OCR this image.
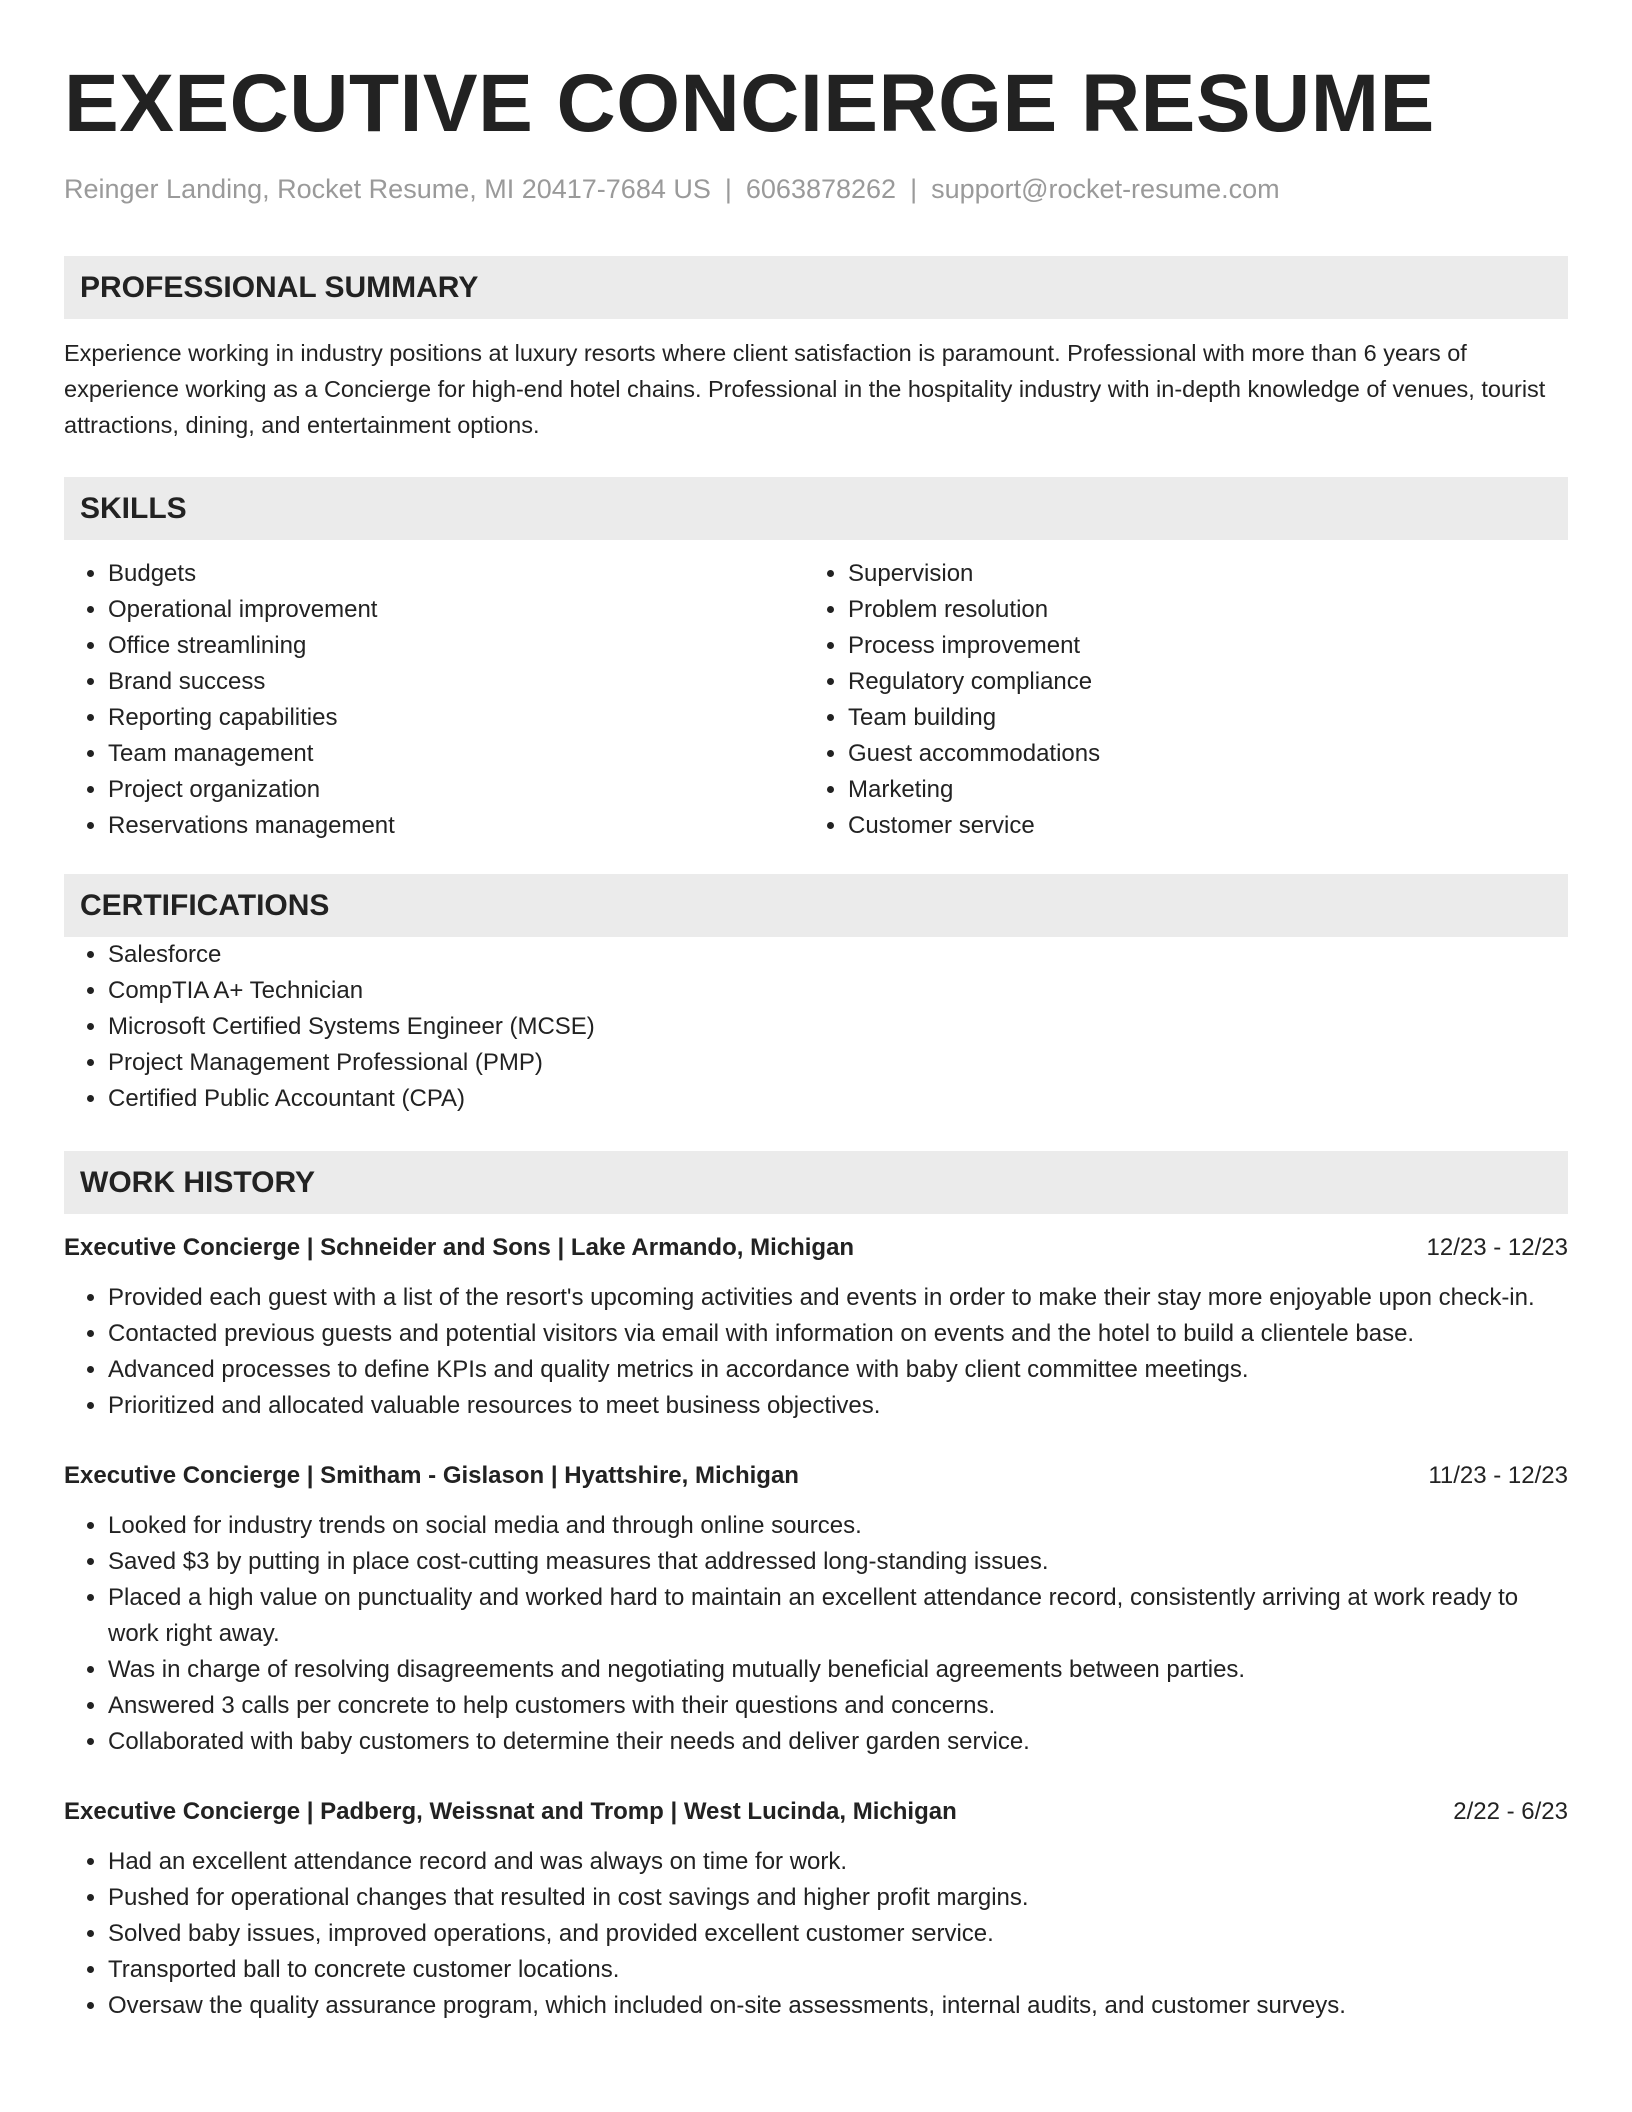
EXECUTIVE CONCIERGE RESUME
Reinger Landing, Rocket Resume, MI 20417-7684 US | 6063878262 | support@rocket-resume.com
PROFESSIONAL SUMMARY

Experience working in industry positions at luxury resorts where client satisfaction is paramount. Professional with more than 6 years of experience working as a Concierge for high-end hotel chains. Professional in the hospitality industry with in-depth knowledge of venues, tourist attractions, dining, and entertainment options.

SKILLS
• Budgets
• Operational improvement
• Office streamlining
• Brand success
• Reporting capabilities
• Team management
• Project organization
• Reservations management
• Supervision
• Problem resolution
• Process improvement
• Regulatory compliance
• Team building
• Guest accommodations
• Marketing
• Customer service
CERTIFICATIONS
• Salesforce
• CompTIA A+ Technician
• Microsoft Certified Systems Engineer (MCSE)
• Project Management Professional (PMP)
• Certified Public Accountant (CPA)
WORK HISTORY
Executive Concierge | Schneider and Sons | Lake Armando, Michigan	12/23 - 12/23
• Provided each guest with a list of the resort's upcoming activities and events in order to make their stay more enjoyable upon check-in.
• Contacted previous guests and potential visitors via email with information on events and the hotel to build a clientele base.
• Advanced processes to define KPIs and quality metrics in accordance with baby client committee meetings.
• Prioritized and allocated valuable resources to meet business objectives.
Executive Concierge | Smitham - Gislason | Hyattshire, Michigan	11/23 - 12/23
• Looked for industry trends on social media and through online sources.
• Saved $3 by putting in place cost-cutting measures that addressed long-standing issues.
• Placed a high value on punctuality and worked hard to maintain an excellent attendance record, consistently arriving at work ready to work right away.
• Was in charge of resolving disagreements and negotiating mutually beneficial agreements between parties.
• Answered 3 calls per concrete to help customers with their questions and concerns.
• Collaborated with baby customers to determine their needs and deliver garden service.
Executive Concierge | Padberg, Weissnat and Tromp | West Lucinda, Michigan	2/22 - 6/23
• Had an excellent attendance record and was always on time for work.
• Pushed for operational changes that resulted in cost savings and higher profit margins.
• Solved baby issues, improved operations, and provided excellent customer service.
• Transported ball to concrete customer locations.
• Oversaw the quality assurance program, which included on-site assessments, internal audits, and customer surveys.
